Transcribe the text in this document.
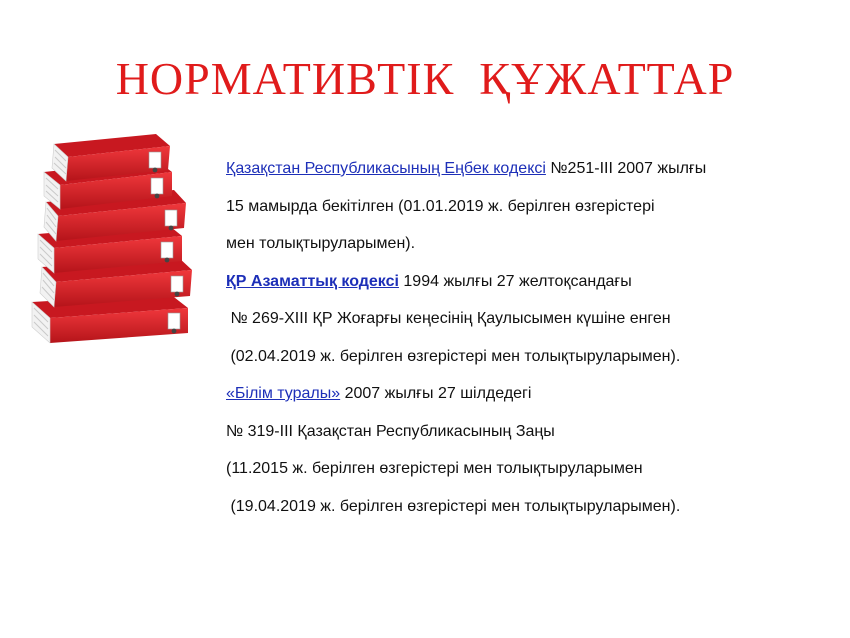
НОРМАТИВТІК  ҚҰЖАТТАР
Қазақстан Республикасының Еңбек кодексі №251-ІІІ 2007 жылғы
15 мамырда бекітілген (01.01.2019 ж. берілген өзгерістері
мен толықтыруларымен).
ҚР Азаматтық кодексі 1994 жылғы 27 желтоқсандағы
№ 269-ХІІІ ҚР Жоғарғы кеңесінің Қаулысымен күшіне енген
(02.04.2019 ж. берілген өзгерістері мен толықтыруларымен).
«Білім туралы» 2007 жылғы 27 шілдедегі
№ 319-ІІІ Қазақстан Республикасының Заңы
(11.2015 ж. берілген өзгерістері мен толықтыруларымен
(19.04.2019 ж. берілген өзгерістері мен толықтыруларымен).
